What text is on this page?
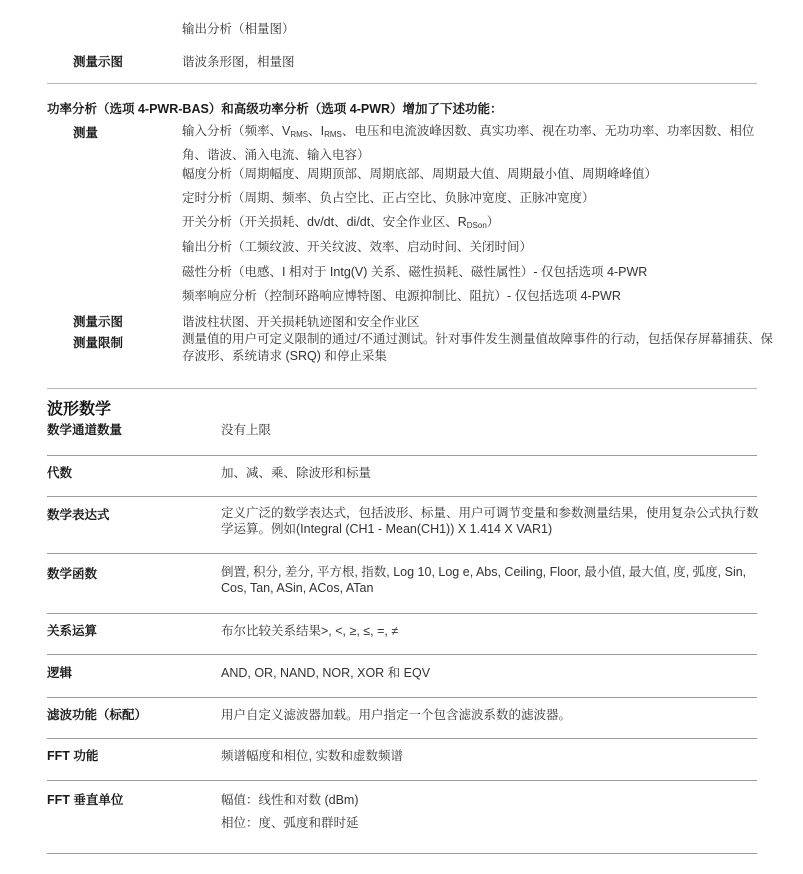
输出分析（相量图）
测量示图	谐波条形图，相量图
功率分析（选项 4-PWR-BAS）和高级功率分析（选项 4-PWR）增加了下述功能：
测量	输入分析（频率、$V_{RMS}$、$I_{RMS}$、电压和电流波峰因数、真实功率、视在功率、无功功率、功率因数、相位角、谐波、涌入电流、输入电容）
幅度分析（周期幅度、周期顶部、周期底部、周期最大值、周期最小值、周期峰峰值）
定时分析（周期、频率、负占空比、正占空比、负脉冲宽度、正脉冲宽度）
开关分析（开关损耗、dv/dt、di/dt、安全作业区、$R_{DSon}$）
输出分析（工频纹波、开关纹波、效率、启动时间、关闭时间）
磁性分析（电感、I 相对于 Intg(V) 关系、磁性损耗、磁性属性）- 仅包括选项 4-PWR
频率响应分析（控制环路响应博特图、电源抑制比、阻抗）- 仅包括选项 4-PWR
测量示图	谐波柱状图、开关损耗轨迹图和安全作业区
测量限制	测量值的用户可定义限制的通过/不通过测试。针对事件发生测量值故障事件的行动，包括保存屏幕捕获、保存波形、系统请求 (SRQ) 和停止采集
波形数学
数学通道数量	没有上限
代数	加、减、乘、除波形和标量
数学表达式	定义广泛的数学表达式，包括波形、标量、用户可调节变量和参数测量结果，使用复杂公式执行数学运算。例如(Integral (CH1 - Mean(CH1)) X 1.414 X VAR1)
数学函数	倒置, 积分, 差分, 平方根, 指数, Log 10, Log e, Abs, Ceiling, Floor, 最小值, 最大值, 度, 弧度, Sin, Cos, Tan, ASin, ACos, ATan
关系运算	布尔比较关系结果>, <, ≥, ≤, =, ≠
逻辑	AND, OR, NAND, NOR, XOR 和 EQV
滤波功能（标配）	用户自定义滤波器加载。用户指定一个包含滤波系数的滤波器。
FFT 功能	频谱幅度和相位, 实数和虚数频谱
FFT 垂直单位	幅值：线性和对数 (dBm)
相位：度、弧度和群时延
